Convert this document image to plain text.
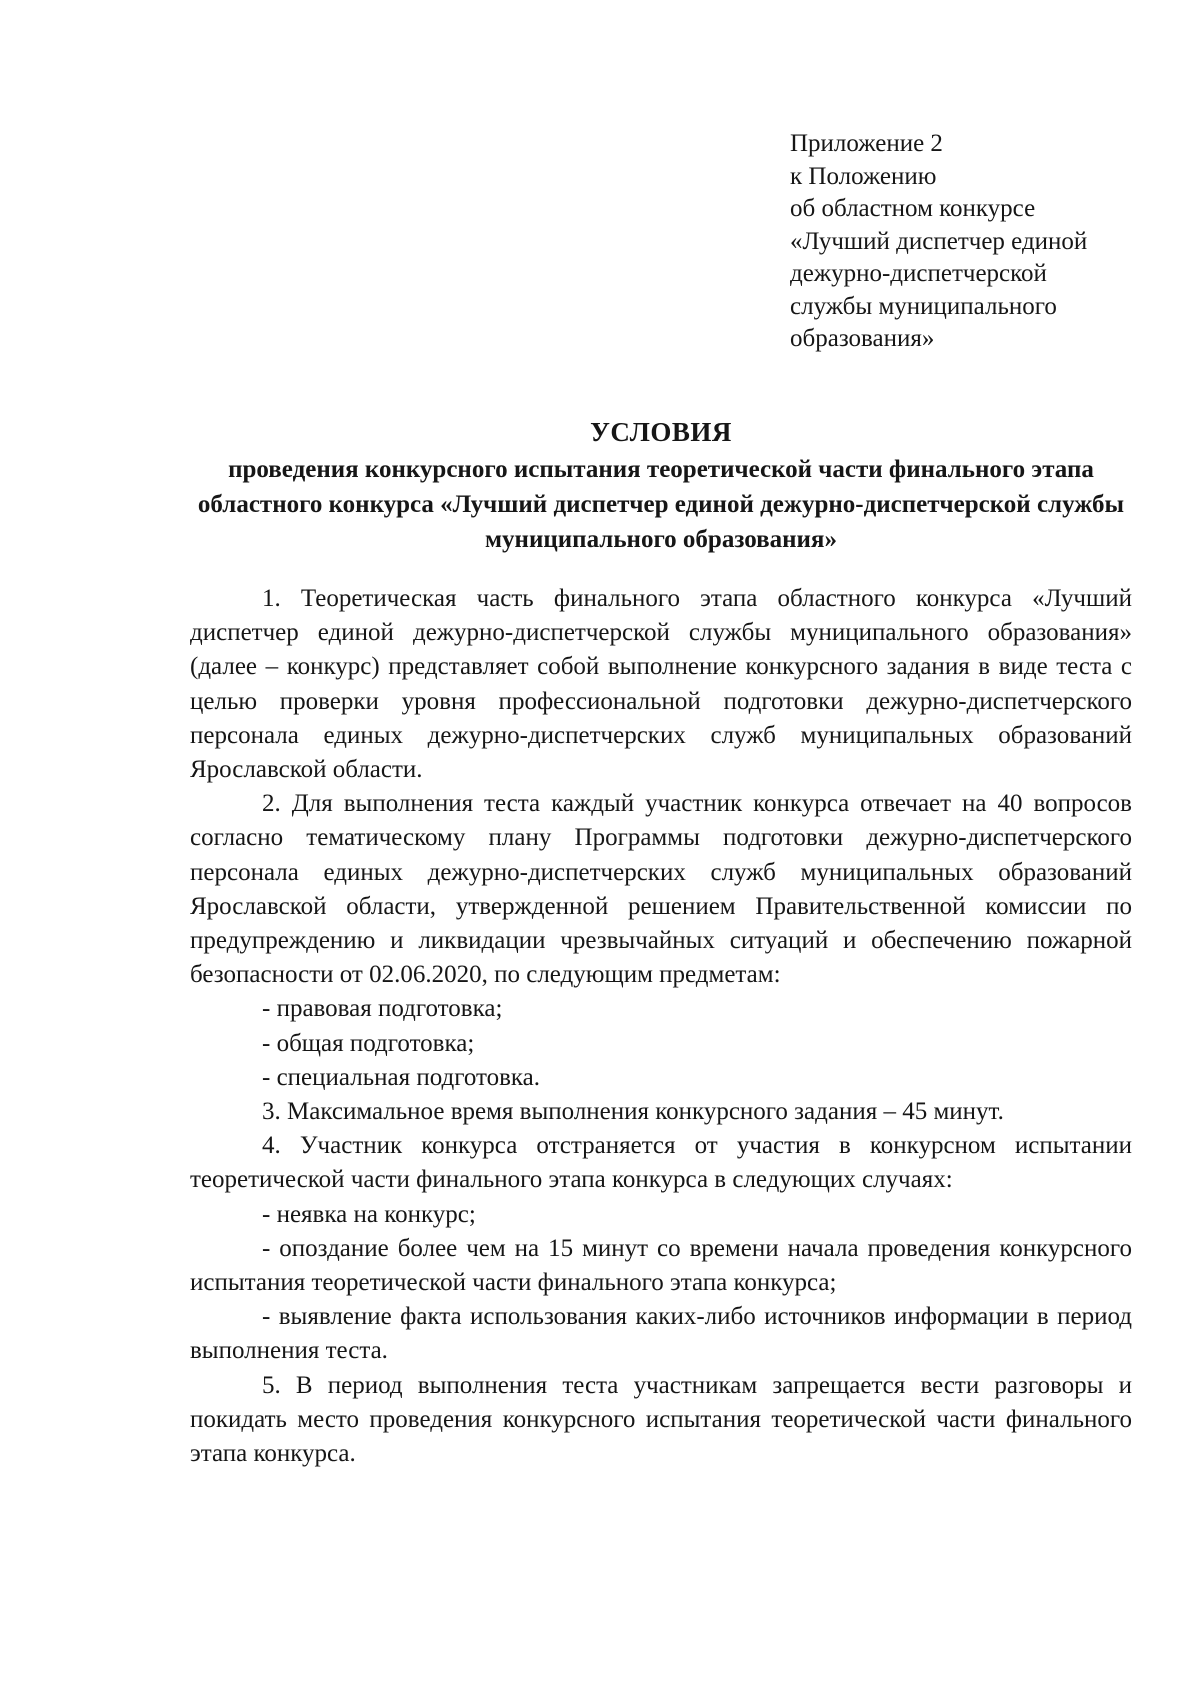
Приложение 2
к Положению
об областном конкурсе
«Лучший диспетчер единой
дежурно-диспетчерской
службы муниципального
образования»
УСЛОВИЯ
проведения конкурсного испытания теоретической части финального этапа областного конкурса «Лучший диспетчер единой дежурно-диспетчерской службы муниципального образования»

1. Теоретическая часть финального этапа областного конкурса «Лучший диспетчер единой дежурно-диспетчерской службы муниципального образования» (далее – конкурс) представляет собой выполнение конкурсного задания в виде теста с целью проверки уровня профессиональной подготовки дежурно-диспетчерского персонала единых дежурно-диспетчерских служб муниципальных образований Ярославской области.

2. Для выполнения теста каждый участник конкурса отвечает на 40 вопросов согласно тематическому плану Программы подготовки дежурно-диспетчерского персонала единых дежурно-диспетчерских служб муниципальных образований Ярославской области, утвержденной решением Правительственной комиссии по предупреждению и ликвидации чрезвычайных ситуаций и обеспечению пожарной безопасности от 02.06.2020, по следующим предметам:

- правовая подготовка;

- общая подготовка;

- специальная подготовка.

3. Максимальное время выполнения конкурсного задания – 45 минут.

4. Участник конкурса отстраняется от участия в конкурсном испытании теоретической части финального этапа конкурса в следующих случаях:

- неявка на конкурс;

- опоздание более чем на 15 минут со времени начала проведения конкурсного испытания теоретической части финального этапа конкурса;

- выявление факта использования каких-либо источников информации в период выполнения теста.

5. В период выполнения теста участникам запрещается вести разговоры и покидать место проведения конкурсного испытания теоретической части финального этапа конкурса.
